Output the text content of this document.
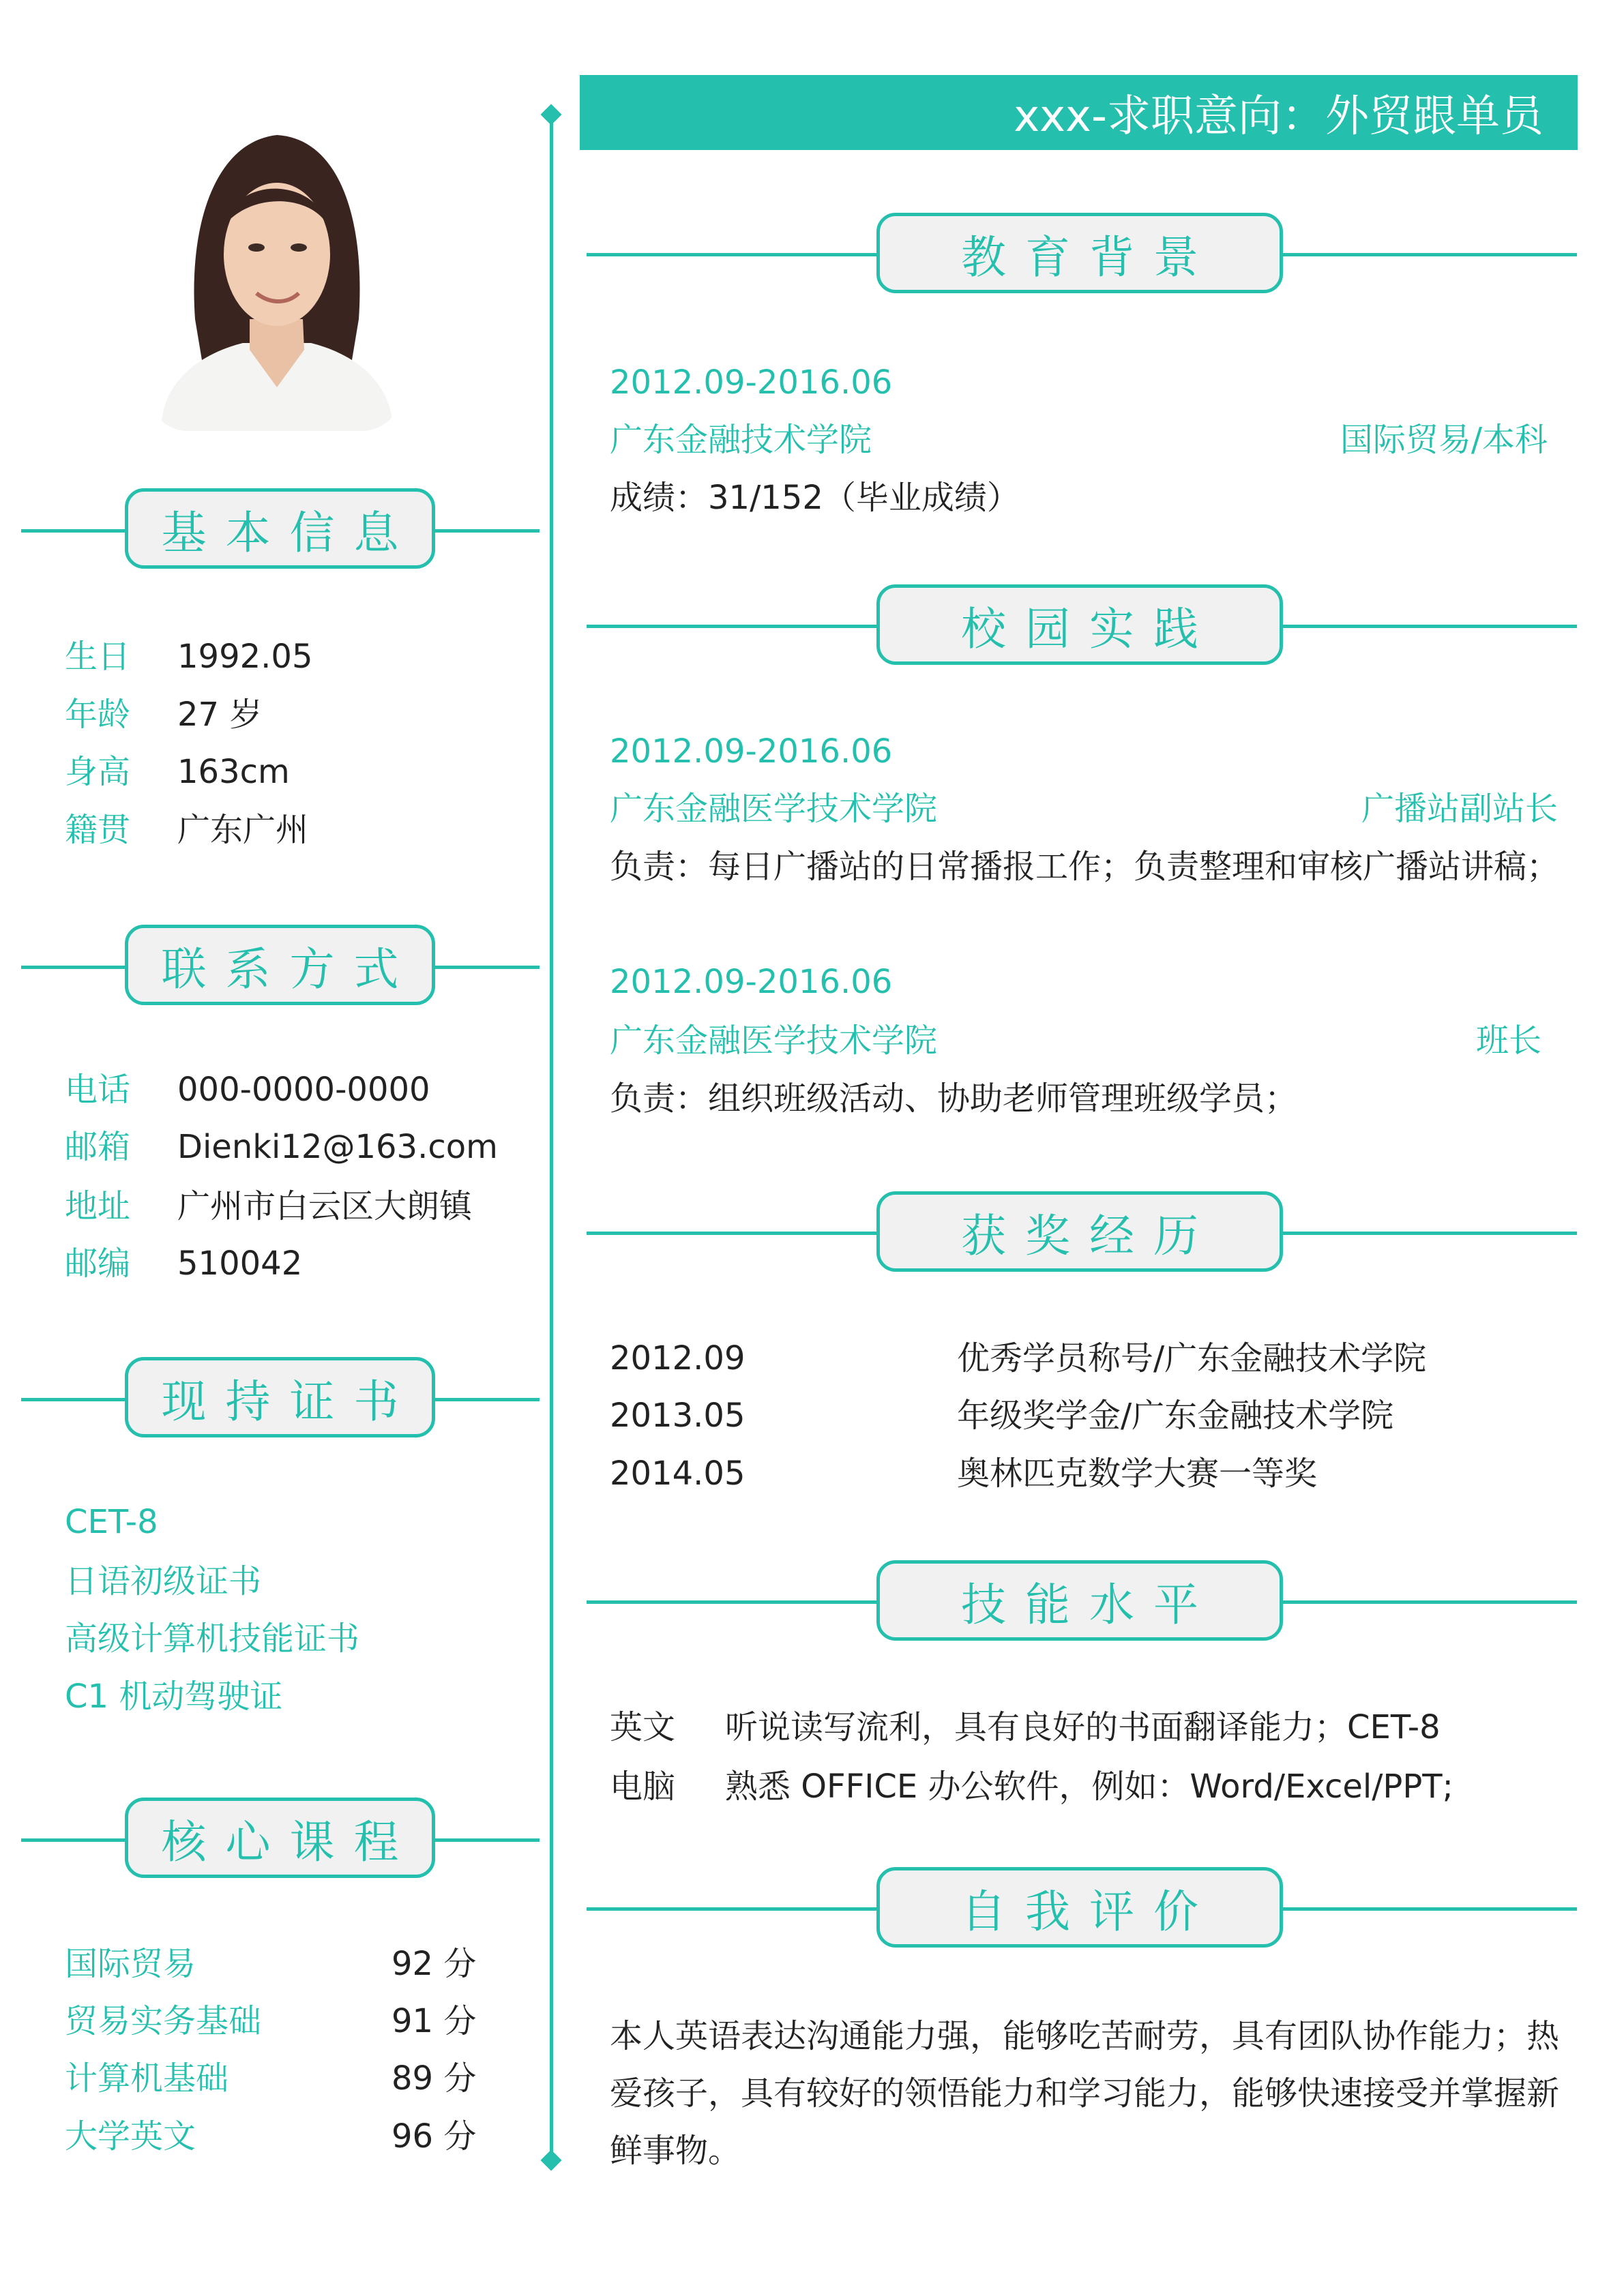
xxx-求职意向：外贸跟单员
基本信息
生日 1992.05
年龄 27 岁
身高 163cm
籍贯 广东广州
联系方式
电话 000-0000-0000
邮箱 Dienki12@163.com
地址 广州市白云区大朗镇
邮编 510042
现持证书
CET-8
日语初级证书
高级计算机技能证书
C1 机动驾驶证
核心课程
国际贸易	92 分
贸易实务基础	91 分
计算机基础	89 分
大学英文	96 分
教育背景
2012.09-2016.06
广东金融技术学院	国际贸易/本科
成绩：31/152（毕业成绩）
校园实践
2012.09-2016.06
广东金融医学技术学院	广播站副站长
负责：每日广播站的日常播报工作；负责整理和审核广播站讲稿；
2012.09-2016.06
广东金融医学技术学院	班长
负责：组织班级活动、协助老师管理班级学员；
获奖经历
2012.09	优秀学员称号/广东金融技术学院
2013.05	年级奖学金/广东金融技术学院
2014.05	奥林匹克数学大赛一等奖
技能水平
英文 听说读写流利，具有良好的书面翻译能力；CET-8
电脑 熟悉 OFFICE 办公软件，例如：Word/Excel/PPT;
自我评价
本人英语表达沟通能力强，能够吃苦耐劳，具有团队协作能力；热爱孩子，具有较好的领悟能力和学习能力，能够快速接受并掌握新鲜事物。
